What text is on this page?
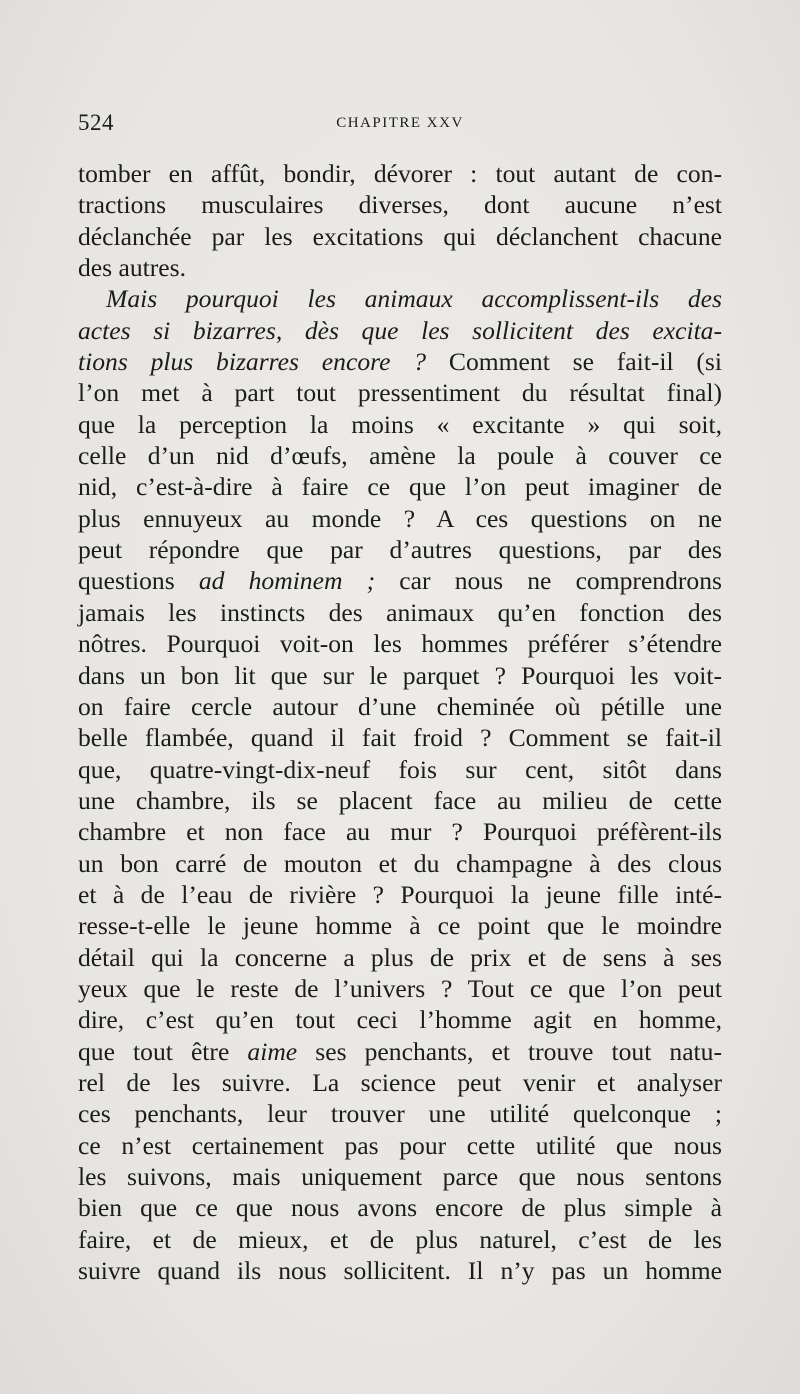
524	CHAPITRE XXV
tomber en affût, bondir, dévorer : tout autant de con-
tractions musculaires diverses, dont aucune n’est
déclanchée par les excitations qui déclanchent chacune
des autres.
Mais pourquoi les animaux accomplissent-ils des
actes si bizarres, dès que les sollicitent des excita-
tions plus bizarres encore ? Comment se fait-il (si
l’on met à part tout pressentiment du résultat final)
que la perception la moins « excitante » qui soit,
celle d’un nid d’œufs, amène la poule à couver ce
nid, c’est-à-dire à faire ce que l’on peut imaginer de
plus ennuyeux au monde ? A ces questions on ne
peut répondre que par d’autres questions, par des
questions ad hominem ; car nous ne comprendrons
jamais les instincts des animaux qu’en fonction des
nôtres. Pourquoi voit-on les hommes préférer s’étendre
dans un bon lit que sur le parquet ? Pourquoi les voit-
on faire cercle autour d’une cheminée où pétille une
belle flambée, quand il fait froid ? Comment se fait-il
que, quatre-vingt-dix-neuf fois sur cent, sitôt dans
une chambre, ils se placent face au milieu de cette
chambre et non face au mur ? Pourquoi préfèrent-ils
un bon carré de mouton et du champagne à des clous
et à de l’eau de rivière ? Pourquoi la jeune fille inté-
resse-t-elle le jeune homme à ce point que le moindre
détail qui la concerne a plus de prix et de sens à ses
yeux que le reste de l’univers ? Tout ce que l’on peut
dire, c’est qu’en tout ceci l’homme agit en homme,
que tout être aime ses penchants, et trouve tout natu-
rel de les suivre. La science peut venir et analyser
ces penchants, leur trouver une utilité quelconque ;
ce n’est certainement pas pour cette utilité que nous
les suivons, mais uniquement parce que nous sentons
bien que ce que nous avons encore de plus simple à
faire, et de mieux, et de plus naturel, c’est de les
suivre quand ils nous sollicitent. Il n’y pas un homme
